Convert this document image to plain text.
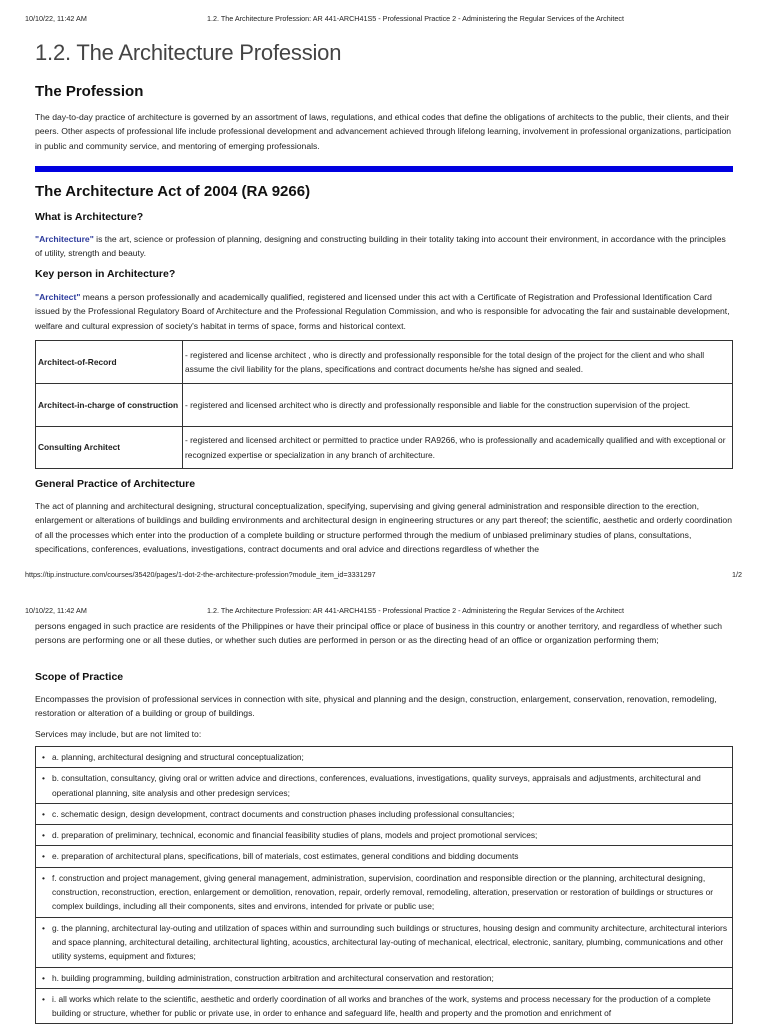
10/10/22, 11:42 AM	1.2. The Architecture Profession: AR 441-ARCH41S5 - Professional Practice 2 - Administering the Regular Services of the Architect
1.2. The Architecture Profession
The Profession

The day-to-day practice of architecture is governed by an assortment of laws, regulations, and ethical codes that define the obligations of architects to the public, their clients, and their peers. Other aspects of professional life include professional development and advancement achieved through lifelong learning, involvement in professional organizations, participation in public and community service, and mentoring of emerging professionals.

The Architecture Act of 2004 (RA 9266)
What is Architecture?

"Architecture" is the art, science or profession of planning, designing and constructing building in their totality taking into account their environment, in accordance with the principles of utility, strength and beauty.

Key person in Architecture?

"Architect" means a person professionally and academically qualified, registered and licensed under this act with a Certificate of Registration and Professional Identification Card issued by the Professional Regulatory Board of Architecture and the Professional Regulation Commission, and who is responsible for advocating the fair and sustainable development, welfare and cultural expression of society's habitat in terms of space, forms and historical context.

Architect-of-Record	- registered and license architect , who is directly and professionally responsible for the total design of the project for the client and who shall assume the civil liability for the plans, specifications and contract documents he/she has signed and sealed.
Architect-in-charge of construction	- registered and licensed architect who is directly and professionally responsible and liable for the construction supervision of the project.
Consulting Architect	- registered and licensed architect or permitted to practice under RA9266, who is professionally and academically qualified and with exceptional or recognized expertise or specialization in any branch of architecture.
General Practice of Architecture

The act of planning and architectural designing, structural conceptualization, specifying, supervising and giving general administration and responsible direction to the erection, enlargement or alterations of buildings and building environments and architectural design in engineering structures or any part thereof; the scientific, aesthetic and orderly coordination of all the processes which enter into the production of a complete building or structure performed through the medium of unbiased preliminary studies of plans, consultations, specifications, conferences, evaluations, investigations, contract documents and oral advice and directions regardless of whether the

https://tip.instructure.com/courses/35420/pages/1-dot-2-the-architecture-profession?module_item_id=3331297	1/2
10/10/22, 11:42 AM	1.2. The Architecture Profession: AR 441-ARCH41S5 - Professional Practice 2 - Administering the Regular Services of the Architect

persons engaged in such practice are residents of the Philippines or have their principal office or place of business in this country or another territory, and regardless of whether such persons are performing one or all these duties, or whether such duties are performed in person or as the directing head of an office or organization performing them;

Scope of Practice

Encompasses the provision of professional services in connection with site, physical and planning and the design, construction, enlargement, conservation, renovation, remodeling, restoration or alteration of a building or group of buildings.

Services may include, but are not limited to:

• a. planning, architectural designing and structural conceptualization;
• b. consultation, consultancy, giving oral or written advice and directions, conferences, evaluations, investigations, quality surveys, appraisals and adjustments, architectural and operational planning, site analysis and other predesign services;
• c. schematic design, design development, contract documents and construction phases including professional consultancies;
• d. preparation of preliminary, technical, economic and financial feasibility studies of plans, models and project promotional services;
• e. preparation of architectural plans, specifications, bill of materials, cost estimates, general conditions and bidding documents
• f. construction and project management, giving general management, administration, supervision, coordination and responsible direction or the planning, architectural designing, construction, reconstruction, erection, enlargement or demolition, renovation, repair, orderly removal, remodeling, alteration, preservation or restoration of buildings or structures or complex buildings, including all their components, sites and environs, intended for private or public use;
• g. the planning, architectural lay-outing and utilization of spaces within and surrounding such buildings or structures, housing design and community architecture, architectural interiors and space planning, architectural detailing, architectural lighting, acoustics, architectural lay-outing of mechanical, electrical, electronic, sanitary, plumbing, communications and other utility systems, equipment and fixtures;
• h. building programming, building administration, construction arbitration and architectural conservation and restoration;
• i. all works which relate to the scientific, aesthetic and orderly coordination of all works and branches of the work, systems and process necessary for the production of a complete building or structure, whether for public or private use, in order to enhance and safeguard life, health and property and the promotion and enrichment of
